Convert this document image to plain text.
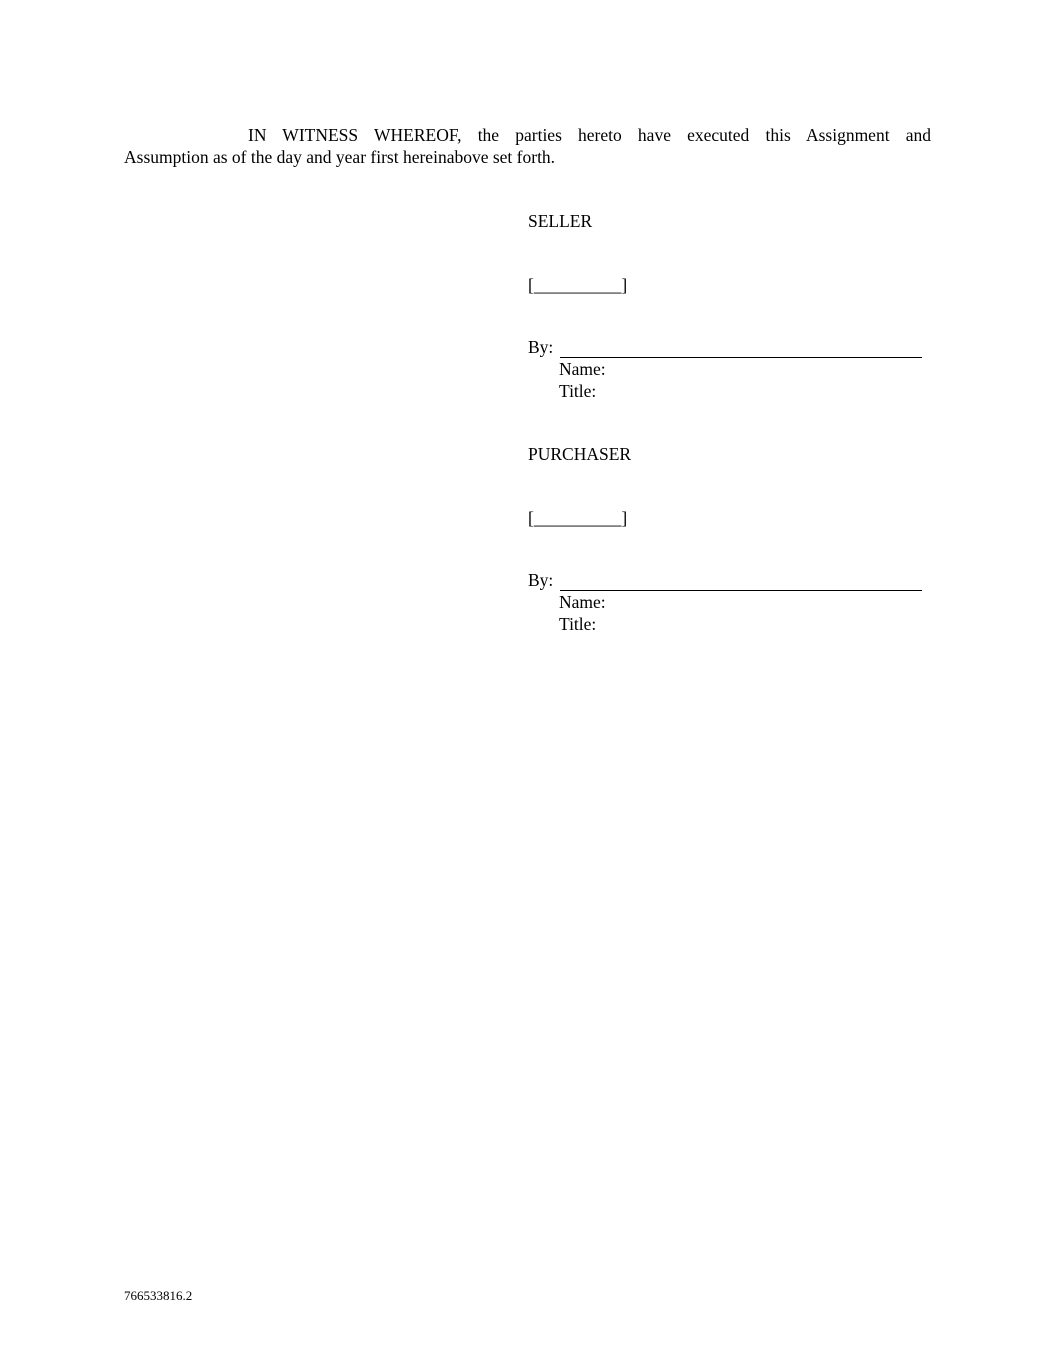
IN WITNESS WHEREOF, the parties hereto have executed this Assignment and
Assumption as of the day and year first hereinabove set forth.
SELLER
[__________]
By:
Name:
Title:
PURCHASER
[__________]
By:
Name:
Title:
766533816.2
